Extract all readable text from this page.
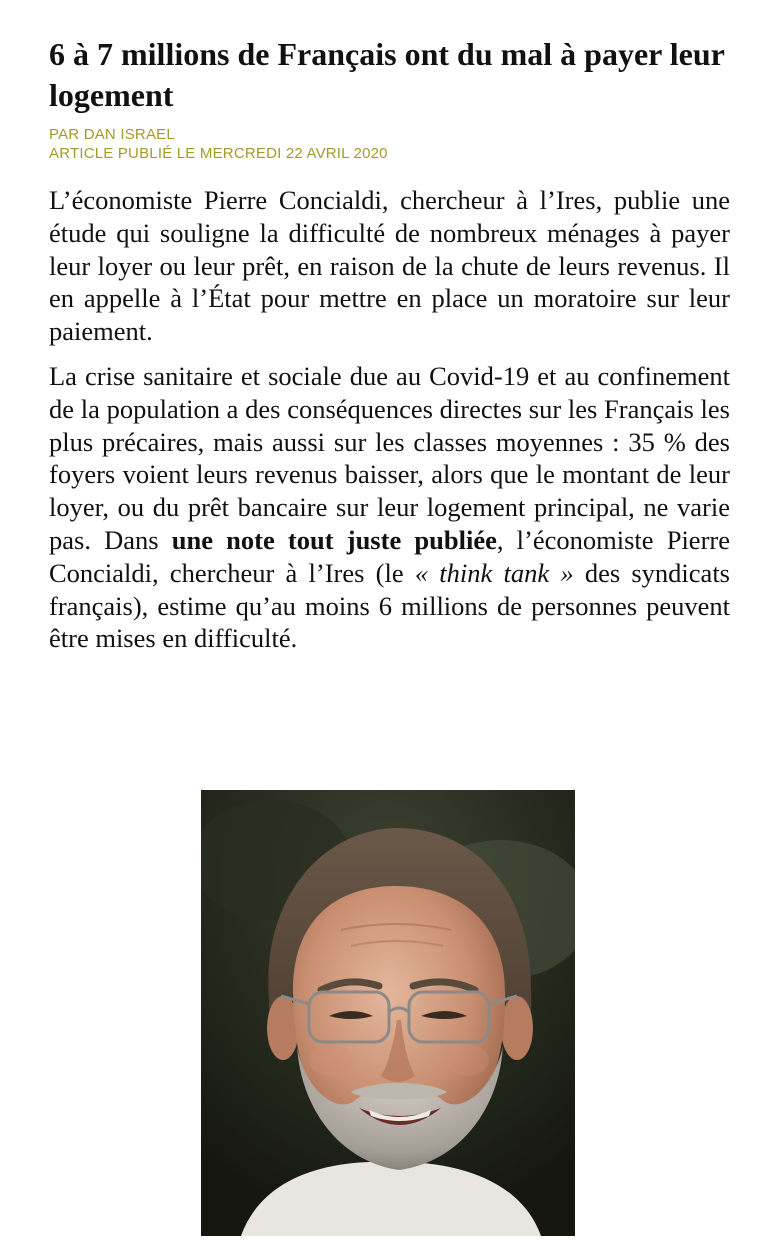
6 à 7 millions de Français ont du mal à payer leur logement

PAR DAN ISRAEL

ARTICLE PUBLIÉ LE MERCREDI 22 AVRIL 2020

L’économiste Pierre Concialdi, chercheur à l’Ires, publie une étude qui souligne la difficulté de nombreux ménages à payer leur loyer ou leur prêt, en raison de la chute de leurs revenus. Il en appelle à l’État pour mettre en place un moratoire sur leur paiement.

La crise sanitaire et sociale due au Covid-19 et au confinement de la population a des conséquences directes sur les Français les plus précaires, mais aussi sur les classes moyennes : 35 % des foyers voient leurs revenus baisser, alors que le montant de leur loyer, ou du prêt bancaire sur leur logement principal, ne varie pas. Dans une note tout juste publiée, l’économiste Pierre Concialdi, chercheur à l’Ires (le « think tank » des syndicats français), estime qu’au moins 6 millions de personnes peuvent être mises en difficulté.
